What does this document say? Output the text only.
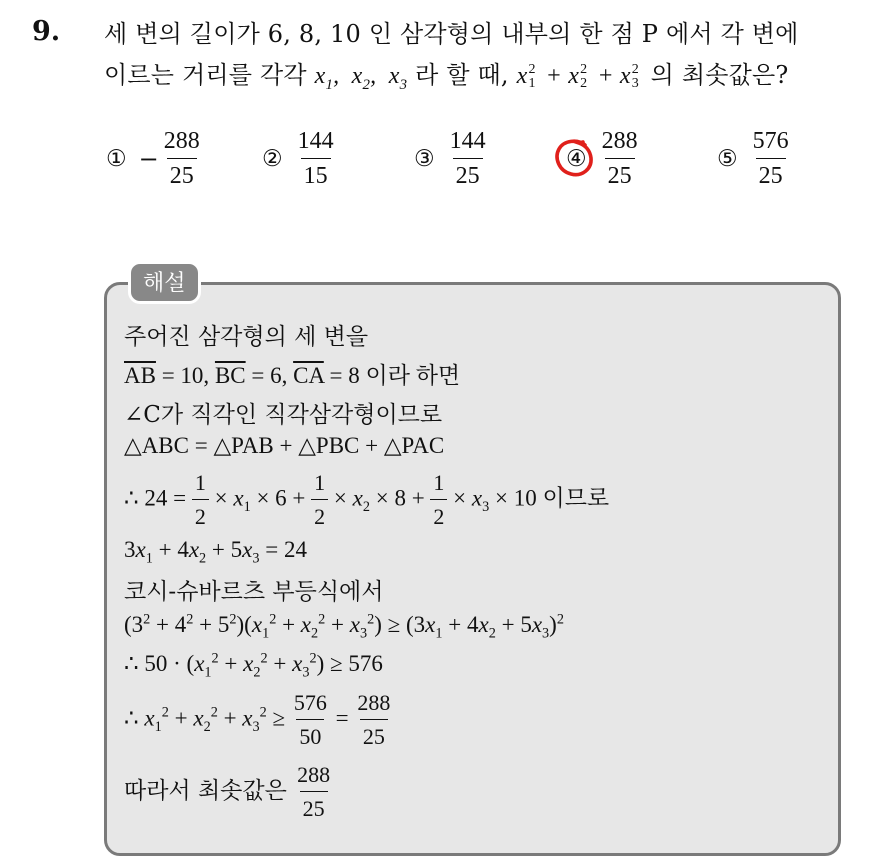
9. 세 변의 길이가 6, 8, 10 인 삼각형의 내부의 한 점 P 에서 각 변에
이르는 거리를 각각 $x_1$,  $x_2$,  $x_3$ 라 할 때, x 2
1 + x 2
2 + x 2
3 의 최솟값은?
① − $\frac{288}{25}$	② $\frac{144}{15}$	③ $\frac{144}{25}$	④ $\frac{288}{25}$	⑤ $\frac{576}{25}$
해설
주어진 삼각형의 세 변을
$\overline{AB} = 10$, $\overline{BC} = 6$, $\overline{CA} = 8$ 이라 하면
∠C가 직각인 직각삼각형이므로
△ABC = △PAB + △PBC + △PAC
∴ $24 = \frac{1}{2} \times x_1 \times 6 + \frac{1}{2} \times x_2 \times 8 + \frac{1}{2} \times x_3 \times 10$ 이므로
$3x_1 + 4x_2 + 5x_3 = 24$
코시-슈바르츠 부등식에서
$(3^2 + 4^2 + 5^2)(x_1^2 + x_2^2 + x_3^2) \ge (3x_1 + 4x_2 + 5x_3)^2$
∴ $50 \cdot (x_1^2 + x_2^2 + x_3^2) \ge 576$
∴ $x_1^2 + x_2^2 + x_3^2 \ge \frac{576}{50} = \frac{288}{25}$
따라서 최솟값은 $\frac{288}{25}$
